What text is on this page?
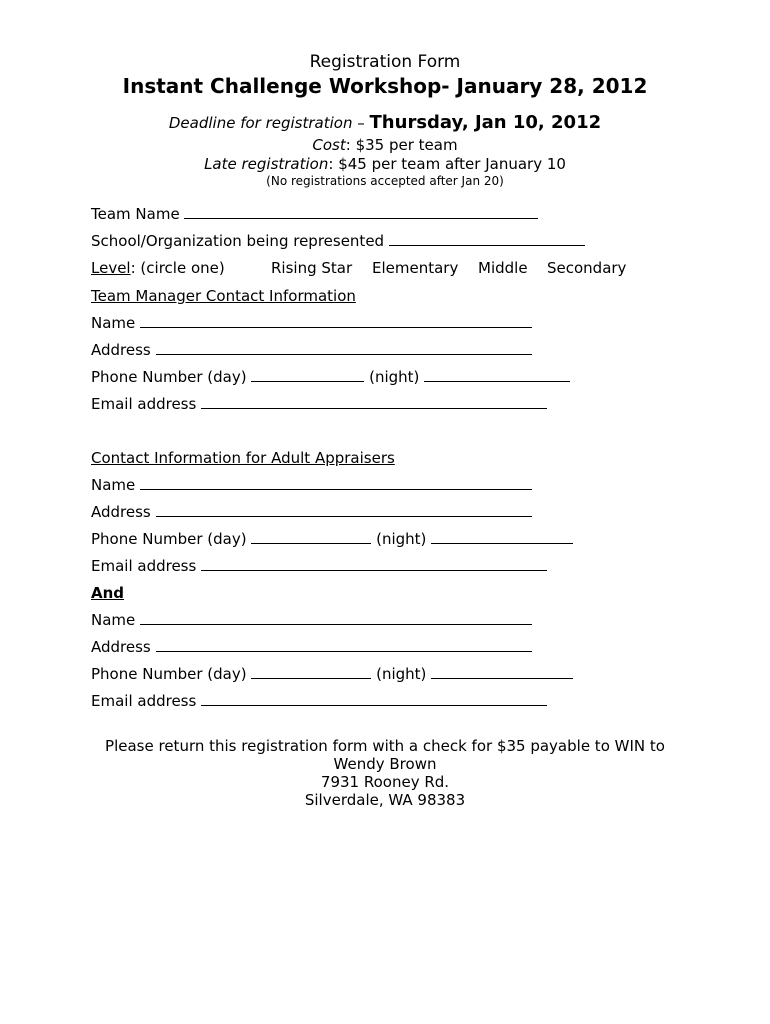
Registration Form
Instant Challenge Workshop- January 28, 2012
Deadline for registration – Thursday, Jan 10, 2012
Cost: $35 per team
Late registration: $45 per team after January 10
(No registrations accepted after Jan 20)
Team Name
School/Organization being represented
Level: (circle one)	Rising Star Elementary Middle Secondary
Team Manager Contact Information
Name
Address
Phone Number (day)	(night)
Email address
Contact Information for Adult Appraisers
Name
Address
Phone Number (day)	(night)
Email address
And
Name
Address
Phone Number (day)	(night)
Email address
Please return this registration form with a check for $35 payable to WIN to
Wendy Brown
7931 Rooney Rd.
Silverdale, WA 98383
